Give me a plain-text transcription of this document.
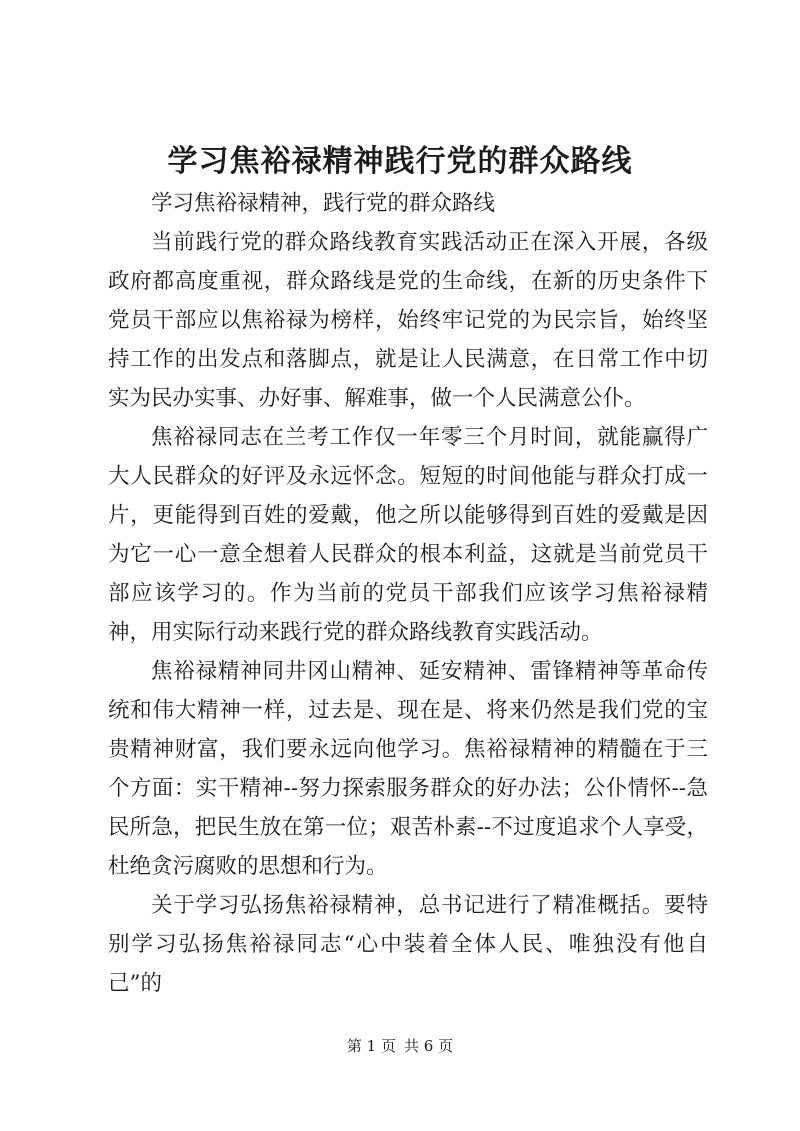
学习焦裕禄精神践行党的群众路线

学习焦裕禄精神，践行党的群众路线

当前践行党的群众路线教育实践活动正在深入开展，各级政府都高度重视，群众路线是党的生命线，在新的历史条件下党员干部应以焦裕禄为榜样，始终牢记党的为民宗旨，始终坚持工作的出发点和落脚点，就是让人民满意，在日常工作中切实为民办实事、办好事、解难事，做一个人民满意公仆。

焦裕禄同志在兰考工作仅一年零三个月时间，就能赢得广大人民群众的好评及永远怀念。短短的时间他能与群众打成一片，更能得到百姓的爱戴，他之所以能够得到百姓的爱戴是因为它一心一意全想着人民群众的根本利益，这就是当前党员干部应该学习的。作为当前的党员干部我们应该学习焦裕禄精神，用实际行动来践行党的群众路线教育实践活动。

焦裕禄精神同井冈山精神、延安精神、雷锋精神等革命传统和伟大精神一样，过去是、现在是、将来仍然是我们党的宝贵精神财富，我们要永远向他学习。焦裕禄精神的精髓在于三个方面：实干精神--努力探索服务群众的好办法；公仆情怀--急民所急，把民生放在第一位；艰苦朴素--不过度追求个人享受，杜绝贪污腐败的思想和行为。

关于学习弘扬焦裕禄精神，总书记进行了精准概括。要特别学习弘扬焦裕禄同志“心中装着全体人民、唯独没有他自己”的

第 1 页 共 6 页
